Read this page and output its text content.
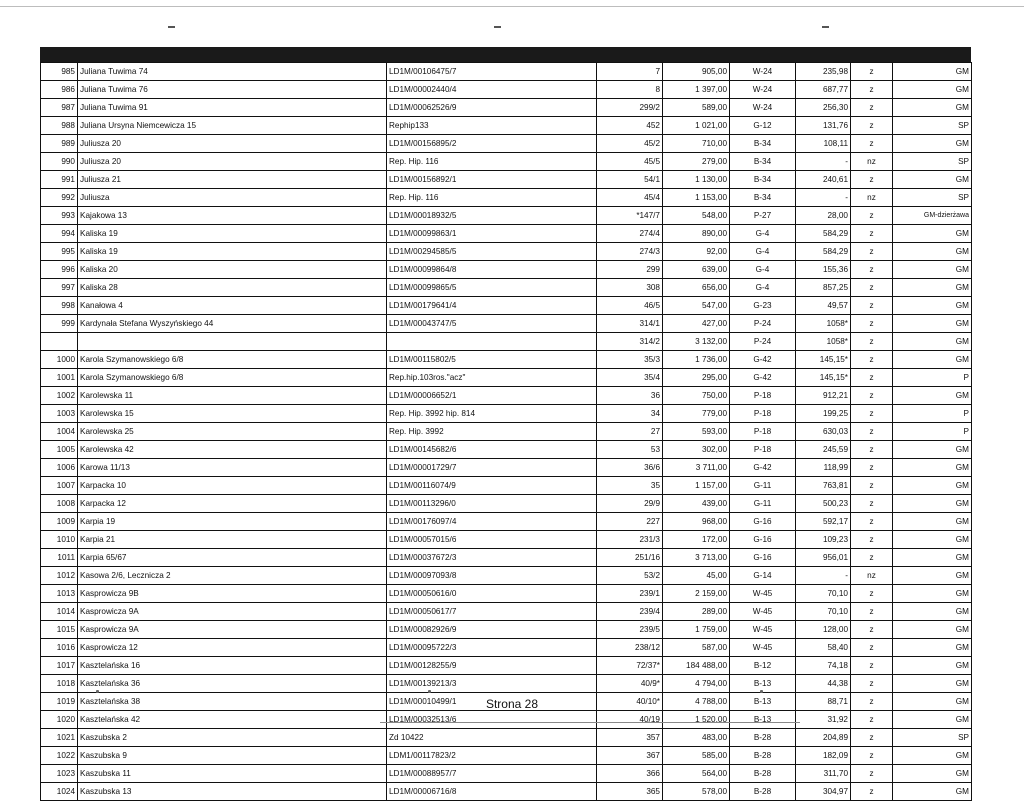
985	Juliana Tuwima 74	LD1M/00106475/7	7	905,00	W-24	235,98	z	GM
986	Juliana Tuwima 76	LD1M/00002440/4	8	1 397,00	W-24	687,77	z	GM
987	Juliana Tuwima 91	LD1M/00062526/9	299/2	589,00	W-24	256,30	z	GM
988	Juliana Ursyna Niemcewicza 15	Rephip133	452	1 021,00	G-12	131,76	z	SP
989	Juliusza 20	LD1M/00156895/2	45/2	710,00	B-34	108,11	z	GM
990	Juliusza 20	Rep. Hip. 116	45/5	279,00	B-34	-	nz	SP
991	Juliusza 21	LD1M/00156892/1	54/1	1 130,00	B-34	240,61	z	GM
992	Juliusza	Rep. Hip. 116	45/4	1 153,00	B-34	-	nz	SP
993	Kajakowa 13	LD1M/00018932/5	*147/7	548,00	P-27	28,00	z	GM-dzierżawa
994	Kaliska 19	LD1M/00099863/1	274/4	890,00	G-4	584,29	z	GM
995	Kaliska 19	LD1M/00294585/5	274/3	92,00	G-4	584,29	z	GM
996	Kaliska 20	LD1M/00099864/8	299	639,00	G-4	155,36	z	GM
997	Kaliska 28	LD1M/00099865/5	308	656,00	G-4	857,25	z	GM
998	Kanałowa 4	LD1M/00179641/4	46/5	547,00	G-23	49,57	z	GM
999	Kardynała Stefana Wyszyńskiego 44	LD1M/00043747/5	314/1	427,00	P-24	1058*	z	GM
			314/2	3 132,00	P-24	1058*	z	GM
1000	Karola Szymanowskiego 6/8	LD1M/00115802/5	35/3	1 736,00	G-42	145,15*	z	GM
1001	Karola Szymanowskiego 6/8	Rep.hip.103ros."acz"	35/4	295,00	G-42	145,15*	z	P
1002	Karolewska 11	LD1M/00006652/1	36	750,00	P-18	912,21	z	GM
1003	Karolewska 15	Rep. Hip. 3992 hip. 814	34	779,00	P-18	199,25	z	P
1004	Karolewska 25	Rep. Hip. 3992	27	593,00	P-18	630,03	z	P
1005	Karolewska 42	LD1M/00145682/6	53	302,00	P-18	245,59	z	GM
1006	Karowa 11/13	LD1M/00001729/7	36/6	3 711,00	G-42	118,99	z	GM
1007	Karpacka 10	LD1M/00116074/9	35	1 157,00	G-11	763,81	z	GM
1008	Karpacka 12	LD1M/00113296/0	29/9	439,00	G-11	500,23	z	GM
1009	Karpia 19	LD1M/00176097/4	227	968,00	G-16	592,17	z	GM
1010	Karpia 21	LD1M/00057015/6	231/3	172,00	G-16	109,23	z	GM
1011	Karpia 65/67	LD1M/00037672/3	251/16	3 713,00	G-16	956,01	z	GM
1012	Kasowa 2/6, Lecznicza 2	LD1M/00097093/8	53/2	45,00	G-14	-	nz	GM
1013	Kasprowicza 9B	LD1M/00050616/0	239/1	2 159,00	W-45	70,10	z	GM
1014	Kasprowicza 9A	LD1M/00050617/7	239/4	289,00	W-45	70,10	z	GM
1015	Kasprowicza 9A	LD1M/00082926/9	239/5	1 759,00	W-45	128,00	z	GM
1016	Kasprowicza 12	LD1M/00095722/3	238/12	587,00	W-45	58,40	z	GM
1017	Kasztelańska 16	LD1M/00128255/9	72/37*	184 488,00	B-12	74,18	z	GM
1018	Kasztelańska 36	LD1M/00139213/3	40/9*	4 794,00	B-13	44,38	z	GM
1019	Kasztelańska 38	LD1M/00010499/1	40/10*	4 788,00	B-13	88,71	z	GM
1020	Kasztelańska 42	LD1M/00032513/6	40/19	1 520,00	B-13	31,92	z	GM
1021	Kaszubska 2	Zd 10422	357	483,00	B-28	204,89	z	SP
1022	Kaszubska 9	LDM1/00117823/2	367	585,00	B-28	182,09	z	GM
1023	Kaszubska 11	LD1M/00088957/7	366	564,00	B-28	311,70	z	GM
1024	Kaszubska 13	LD1M/00006716/8	365	578,00	B-28	304,97	z	GM
Strona 28
